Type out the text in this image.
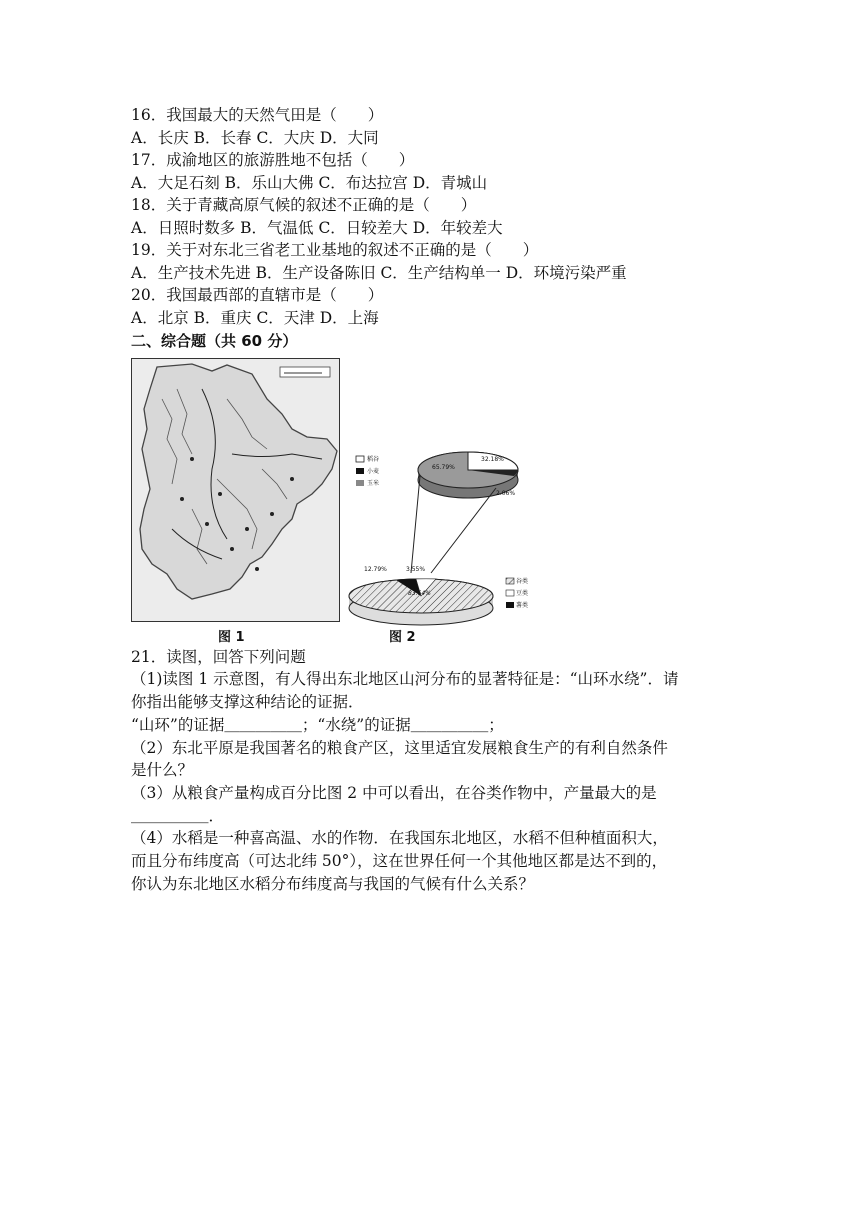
16．我国最大的天然气田是（　　）
A．长庆 B．长春 C．大庆 D．大同
17．成渝地区的旅游胜地不包括（　　）
A．大足石刻 B．乐山大佛 C．布达拉宫 D．青城山
18．关于青藏高原气候的叙述不正确的是（　　）
A．日照时数多 B．气温低 C．日较差大 D．年较差大
19．关于对东北三省老工业基地的叙述不正确的是（　　）
A．生产技术先进 B．生产设备陈旧 C．生产结构单一 D．环境污染严重
20．我国最西部的直辖市是（　　）
A．北京 B．重庆 C．天津 D．上海
二、综合题（共 60 分）
图 1
稻谷
小麦
玉米
65.79%
32.18%
2.06%
12.79%	3.55%
83.64%
谷类
豆类
薯类
图 2
21．读图，回答下列问题
（1)读图 1 示意图，有人得出东北地区山河分布的显著特征是：“山环水绕”．请
你指出能够支撑这种结论的证据．
“山环”的证据＿＿＿＿＿；“水绕”的证据＿＿＿＿＿；
（2）东北平原是我国著名的粮食产区，这里适宜发展粮食生产的有利自然条件
是什么？
（3）从粮食产量构成百分比图 2 中可以看出，在谷类作物中，产量最大的是
＿＿＿＿＿．
（4）水稻是一种喜高温、水的作物．在我国东北地区，水稻不但种植面积大，
而且分布纬度高（可达北纬 50°），这在世界任何一个其他地区都是达不到的，
你认为东北地区水稻分布纬度高与我国的气候有什么关系？
